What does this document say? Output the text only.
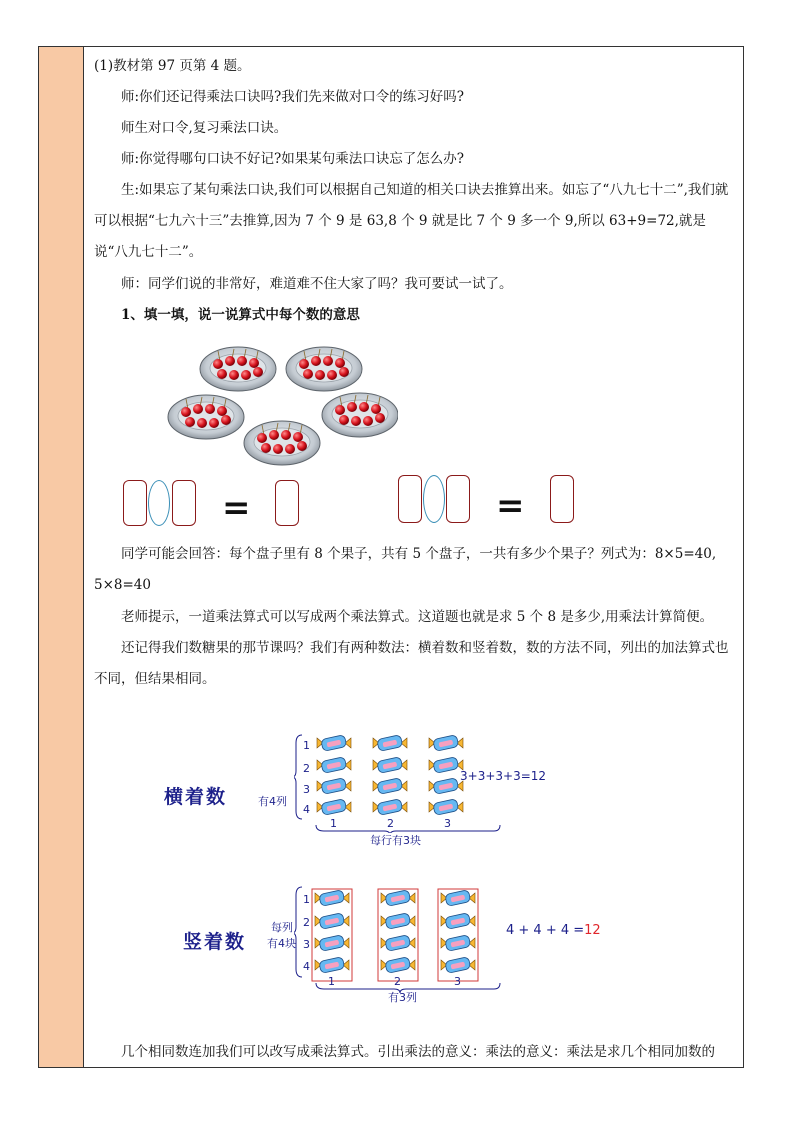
(1)教材第 97 页第 4 题。

师:你们还记得乘法口诀吗?我们先来做对口令的练习好吗?

师生对口令,复习乘法口诀。

师:你觉得哪句口诀不好记?如果某句乘法口诀忘了怎么办?

生:如果忘了某句乘法口诀,我们可以根据自己知道的相关口诀去推算出来。如忘了“八九七十二”,我们就可以根据“七九六十三”去推算,因为 7 个 9 是 63,8 个 9 就是比 7 个 9 多一个 9,所以 63+9=72,就是说“八九七十二”。

师：同学们说的非常好，难道难不住大家了吗？我可要试一试了。

1、填一填，说一说算式中每个数的意思

=	=

同学可能会回答：每个盘子里有 8 个果子，共有 5 个盘子，一共有多少个果子？列式为：8×5=40, 5×8=40

老师提示，一道乘法算式可以写成两个乘法算式。这道题也就是求 5 个 8 是多少,用乘法计算简便。

还记得我们数糖果的那节课吗？我们有两种数法：横着数和竖着数，数的方法不同，列出的加法算式也不同，但结果相同。

横着数	有4列
1
2
3
4
3+3+3+3=12
1	2	3
每行有3块
竖着数
每列
有4块
1
2
3
4
4 + 4 + 4 =12
1	2	3
有3列

几个相同数连加我们可以改写成乘法算式。引出乘法的意义：乘法的意义：乘法是求几个相同加数的
